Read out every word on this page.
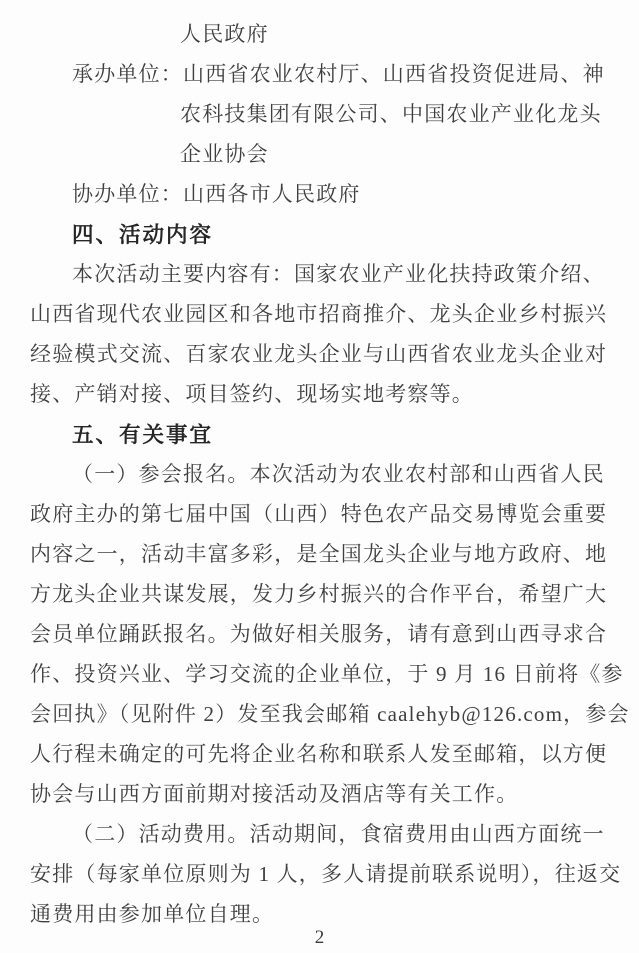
人民政府
承办单位：山西省农业农村厅、山西省投资促进局、神
农科技集团有限公司、中国农业产业化龙头
企业协会
协办单位：山西各市人民政府
四、活动内容
本次活动主要内容有：国家农业产业化扶持政策介绍、
山西省现代农业园区和各地市招商推介、龙头企业乡村振兴
经验模式交流、百家农业龙头企业与山西省农业龙头企业对
接、产销对接、项目签约、现场实地考察等。
五、有关事宜
（一）参会报名。本次活动为农业农村部和山西省人民
政府主办的第七届中国（山西）特色农产品交易博览会重要
内容之一，活动丰富多彩，是全国龙头企业与地方政府、地
方龙头企业共谋发展，发力乡村振兴的合作平台，希望广大
会员单位踊跃报名。为做好相关服务，请有意到山西寻求合
作、投资兴业、学习交流的企业单位，于 9 月 16 日前将《参
会回执》（见附件 2）发至我会邮箱 caalehyb@126.com，参会
人行程未确定的可先将企业名称和联系人发至邮箱，以方便
协会与山西方面前期对接活动及酒店等有关工作。
（二）活动费用。活动期间，食宿费用由山西方面统一
安排（每家单位原则为 1 人，多人请提前联系说明），往返交
通费用由参加单位自理。
2
